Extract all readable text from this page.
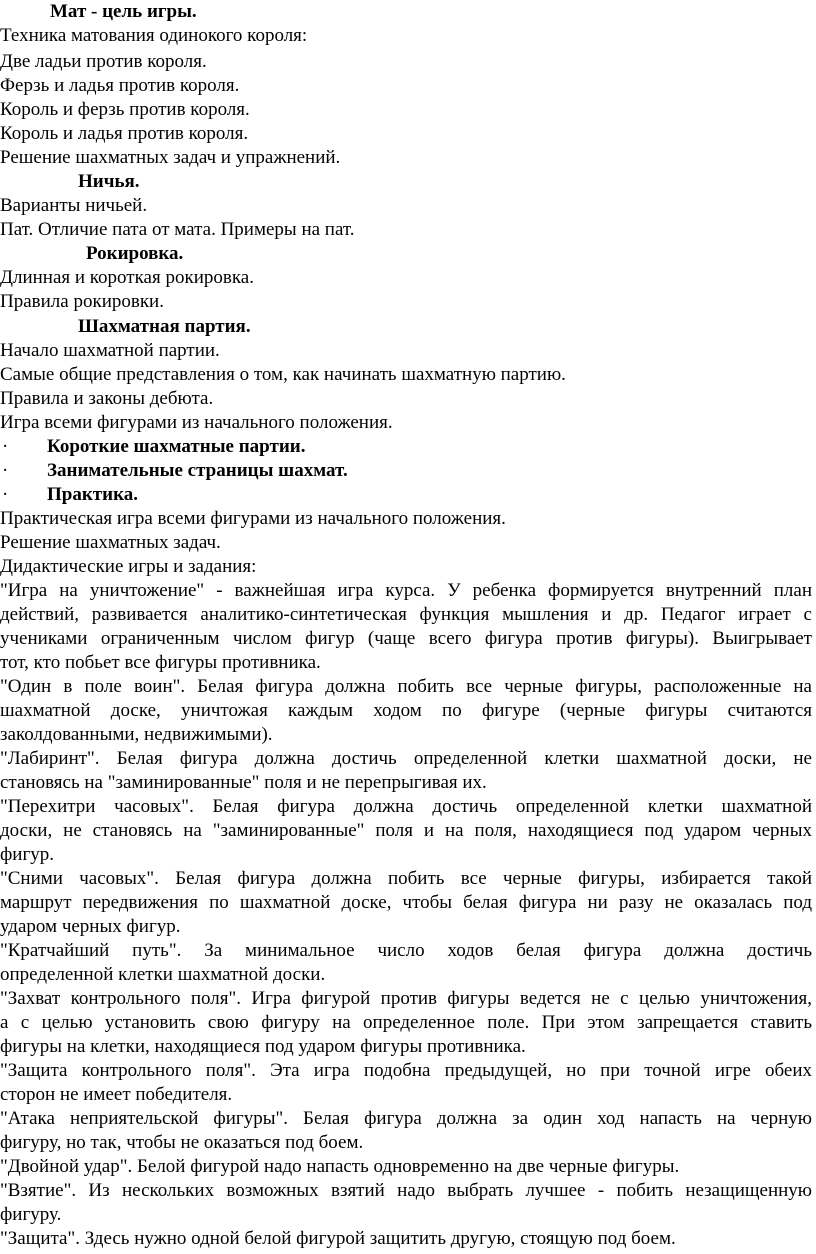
Мат - цель игры.
Техника матования одинокого короля:
Две ладьи против короля.
Ферзь и ладья против короля.
Король и ферзь против короля.
Король и ладья против короля.
Решение шахматных задач и упражнений.
Ничья.
Варианты ничьей.
Пат. Отличие пата от мата. Примеры на пат.
Рокировка.
Длинная и короткая рокировка.
Правила рокировки.
Шахматная партия.
Начало шахматной партии.
Самые общие представления о том, как начинать шахматную партию.
Правила и законы дебюта.
Игра всеми фигурами из начального положения.
· Короткие шахматные партии.
· Занимательные страницы шахмат.
· Практика.
Практическая игра всеми фигурами из начального положения.
Решение шахматных задач.
Дидактические игры и задания:
"Игра на уничтожение" - важнейшая игра курса. У ребенка формируется внутренний план
действий, развивается аналитико-синтетическая функция мышления и др. Педагог играет с
учениками ограниченным числом фигур (чаще всего фигура против фигуры). Выигрывает
тот, кто побьет все фигуры противника.
"Один в поле воин". Белая фигура должна побить все черные фигуры, расположенные на
шахматной доске, уничтожая каждым ходом по фигуре (черные фигуры считаются
заколдованными, недвижимыми).
"Лабиринт". Белая фигура должна достичь определенной клетки шахматной доски, не
становясь на "заминированные" поля и не перепрыгивая их.
"Перехитри часовых". Белая фигура должна достичь определенной клетки шахматной
доски, не становясь на "заминированные" поля и на поля, находящиеся под ударом черных
фигур.
"Сними часовых". Белая фигура должна побить все черные фигуры, избирается такой
маршрут передвижения по шахматной доске, чтобы белая фигура ни разу не оказалась под
ударом черных фигур.
"Кратчайший путь". За минимальное число ходов белая фигура должна достичь
определенной клетки шахматной доски.
"Захват контрольного поля". Игра фигурой против фигуры ведется не с целью уничтожения,
а с целью установить свою фигуру на определенное поле. При этом запрещается ставить
фигуры на клетки, находящиеся под ударом фигуры противника.
"Защита контрольного поля". Эта игра подобна предыдущей, но при точной игре обеих
сторон не имеет победителя.
"Атака неприятельской фигуры". Белая фигура должна за один ход напасть на черную
фигуру, но так, чтобы не оказаться под боем.
"Двойной удар". Белой фигурой надо напасть одновременно на две черные фигуры.
"Взятие". Из нескольких возможных взятий надо выбрать лучшее - побить незащищенную
фигуру.
"Защита". Здесь нужно одной белой фигурой защитить другую, стоящую под боем.
